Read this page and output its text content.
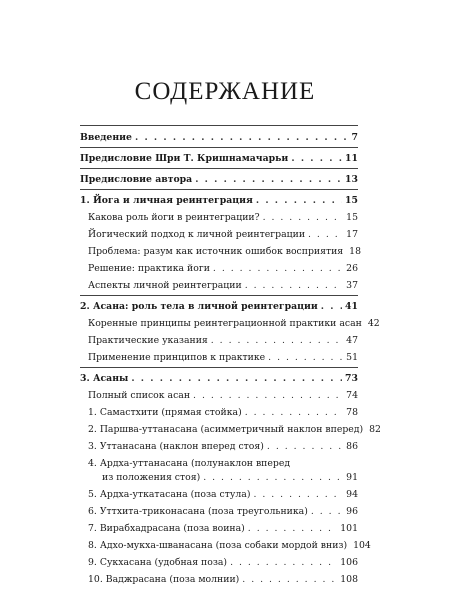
СОДЕРЖАНИЕ
Введение . . .	7
Предисловие Шри Т. Кришнамачарьи . . .	11
Предисловие автора . . .	13
1. Йога и личная реинтеграция . . .	15
Какова роль йоги в реинтеграции? . . .	15
Йогический подход к личной реинтеграции . . .	17
Проблема: разум как источник ошибок восприятия 18
Решение: практика йоги . . .	26
Аспекты личной реинтеграции . . .	37
2. Асана: роль тела в личной реинтеграции . . .	41
Коренные принципы реинтеграционной практики асан 42
Практические указания . . .	47
Применение принципов к практике . . .	51
3. Асаны . . .	73
Полный список асан . . .	74
1. Самастхити (прямая стойка) . . .	78
2. Паршва-уттанасана (асимметричный наклон вперед) 82
3. Уттанасана (наклон вперед стоя) . . .	86
4. Ардха-уттанасана (полунаклон вперед
из положения стоя) . . .	91
5. Ардха-уткатасана (поза стула) . . .	94
6. Уттхита-триконасана (поза треугольника) . . .	96
7. Вирабхадрасана (поза воина) . . .	101
8. Адхо-мукха-шванасана (поза собаки мордой вниз) 104
9. Сукхасана (удобная поза) . . .	106
10. Ваджрасана (поза молнии) . . .	108
